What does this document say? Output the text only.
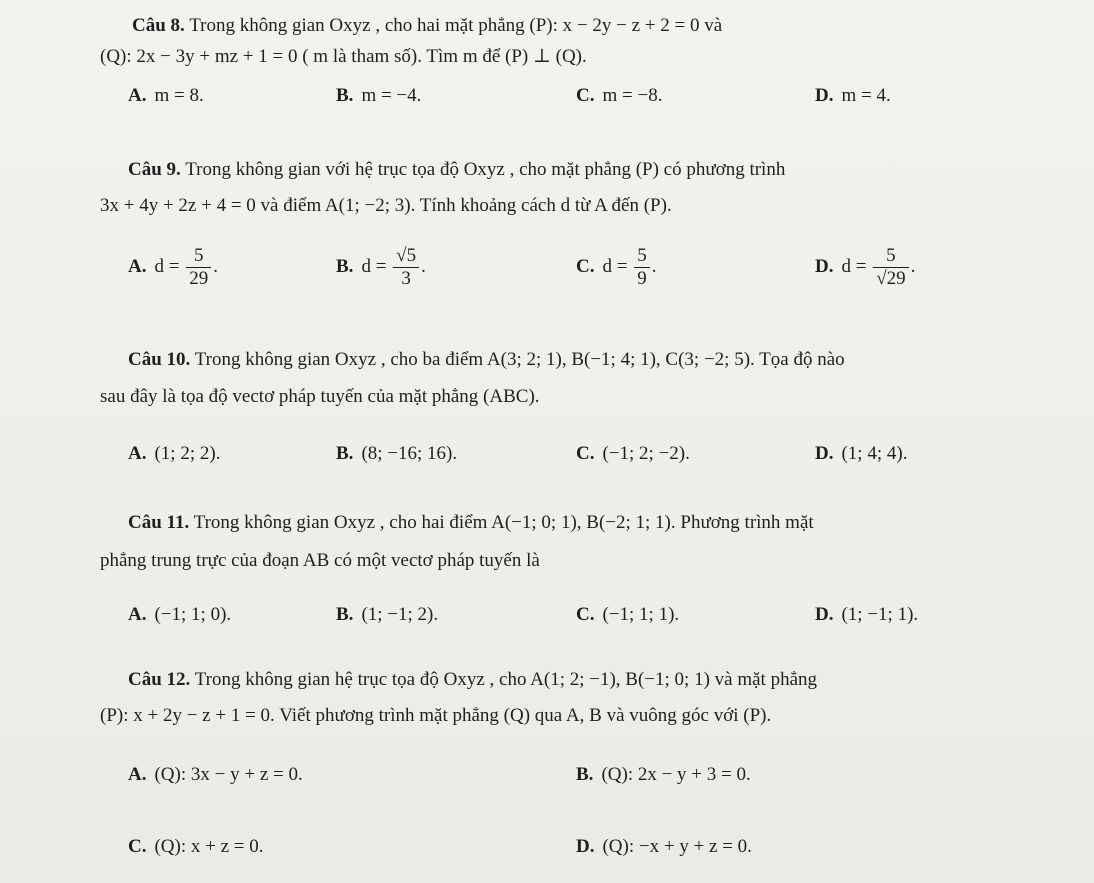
Câu 8. Trong không gian Oxyz , cho hai mặt phẳng (P): x − 2y − z + 2 = 0 và
(Q): 2x − 3y + mz + 1 = 0 ( m là tham số). Tìm m để (P) ⊥ (Q).
A. m = 8.	B. m = −4.	C. m = −8.	D. m = 4.
Câu 9. Trong không gian với hệ trục tọa độ Oxyz , cho mặt phẳng (P) có phương trình
3x + 4y + 2z + 4 = 0 và điểm A(1; −2; 3). Tính khoảng cách d từ A đến (P).
A. $d = \frac{5}{29}$ .	B. $d = \frac{√5}{3}$ .	C. $d = \frac{5}{9}$ .	D. $d = \frac{5}{√29}$ .
Câu 10. Trong không gian Oxyz , cho ba điểm A(3; 2; 1), B(−1; 4; 1), C(3; −2; 5). Tọa độ nào
sau đây là tọa độ vectơ pháp tuyến của mặt phẳng (ABC).
A. (1; 2; 2).	B. (8; −16; 16).	C. (−1; 2; −2).	D. (1; 4; 4).
Câu 11. Trong không gian Oxyz , cho hai điểm A(−1; 0; 1), B(−2; 1; 1). Phương trình mặt
phẳng trung trực của đoạn AB có một vectơ pháp tuyến là
A. (−1; 1; 0).	B. (1; −1; 2).	C. (−1; 1; 1).	D. (1; −1; 1).
Câu 12. Trong không gian hệ trục tọa độ Oxyz , cho A(1; 2; −1), B(−1; 0; 1) và mặt phẳng
(P): x + 2y − z + 1 = 0. Viết phương trình mặt phẳng (Q) qua A, B và vuông góc với (P).
A. (Q): 3x − y + z = 0.	B. (Q): 2x − y + 3 = 0.
C. (Q): x + z = 0.	D. (Q): −x + y + z = 0.
